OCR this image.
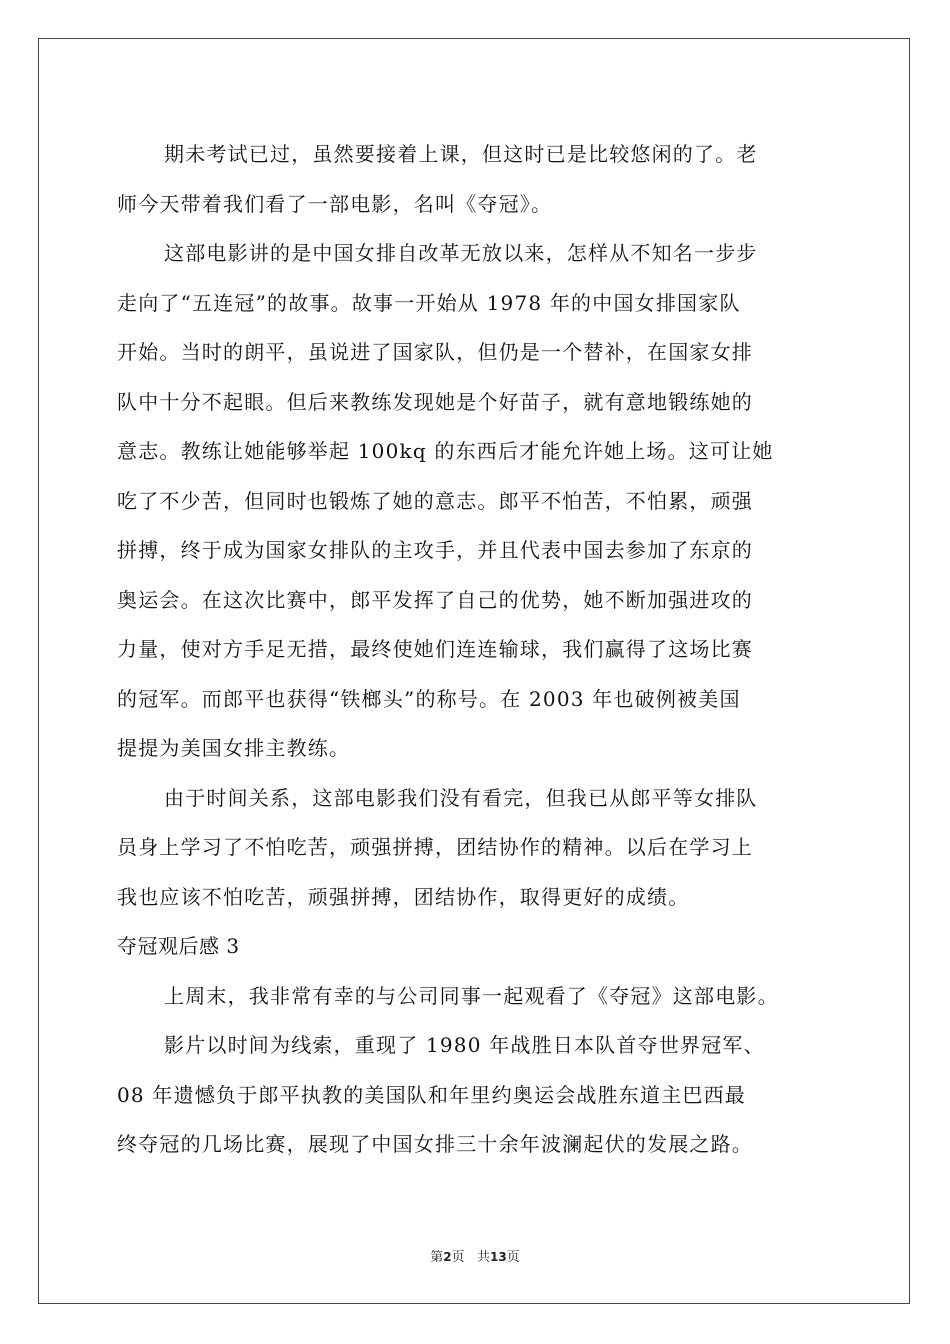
期未考试已过，虽然要接着上课，但这时已是比较悠闲的了。老
师今天带着我们看了一部电影，名叫《夺冠》。
这部电影讲的是中国女排自改革无放以来，怎样从不知名一步步
走向了“五连冠”的故事。故事一开始从 1978 年的中国女排国家队
开始。当时的朗平，虽说进了国家队，但仍是一个替补，在国家女排
队中十分不起眼。但后来教练发现她是个好苗子，就有意地锻练她的
意志。教练让她能够举起 100kq 的东西后才能允许她上场。这可让她
吃了不少苦，但同时也锻炼了她的意志。郎平不怕苦，不怕累，顽强
拼搏，终于成为国家女排队的主攻手，并且代表中国去参加了东京的
奥运会。在这次比赛中，郎平发挥了自己的优势，她不断加强进攻的
力量，使对方手足无措，最终使她们连连输球，我们赢得了这场比赛
的冠军。而郎平也获得“铁榔头”的称号。在 2003 年也破例被美国
提提为美国女排主教练。
由于时间关系，这部电影我们没有看完，但我已从郎平等女排队
员身上学习了不怕吃苦，顽强拼搏，团结协作的精神。以后在学习上
我也应该不怕吃苦，顽强拼搏，团结协作，取得更好的成绩。
夺冠观后感 3
上周末，我非常有幸的与公司同事一起观看了《夺冠》这部电影。
影片以时间为线索，重现了 1980 年战胜日本队首夺世界冠军、
08 年遗憾负于郎平执教的美国队和年里约奥运会战胜东道主巴西最
终夺冠的几场比赛，展现了中国女排三十余年波澜起伏的发展之路。
第2页 共13页
